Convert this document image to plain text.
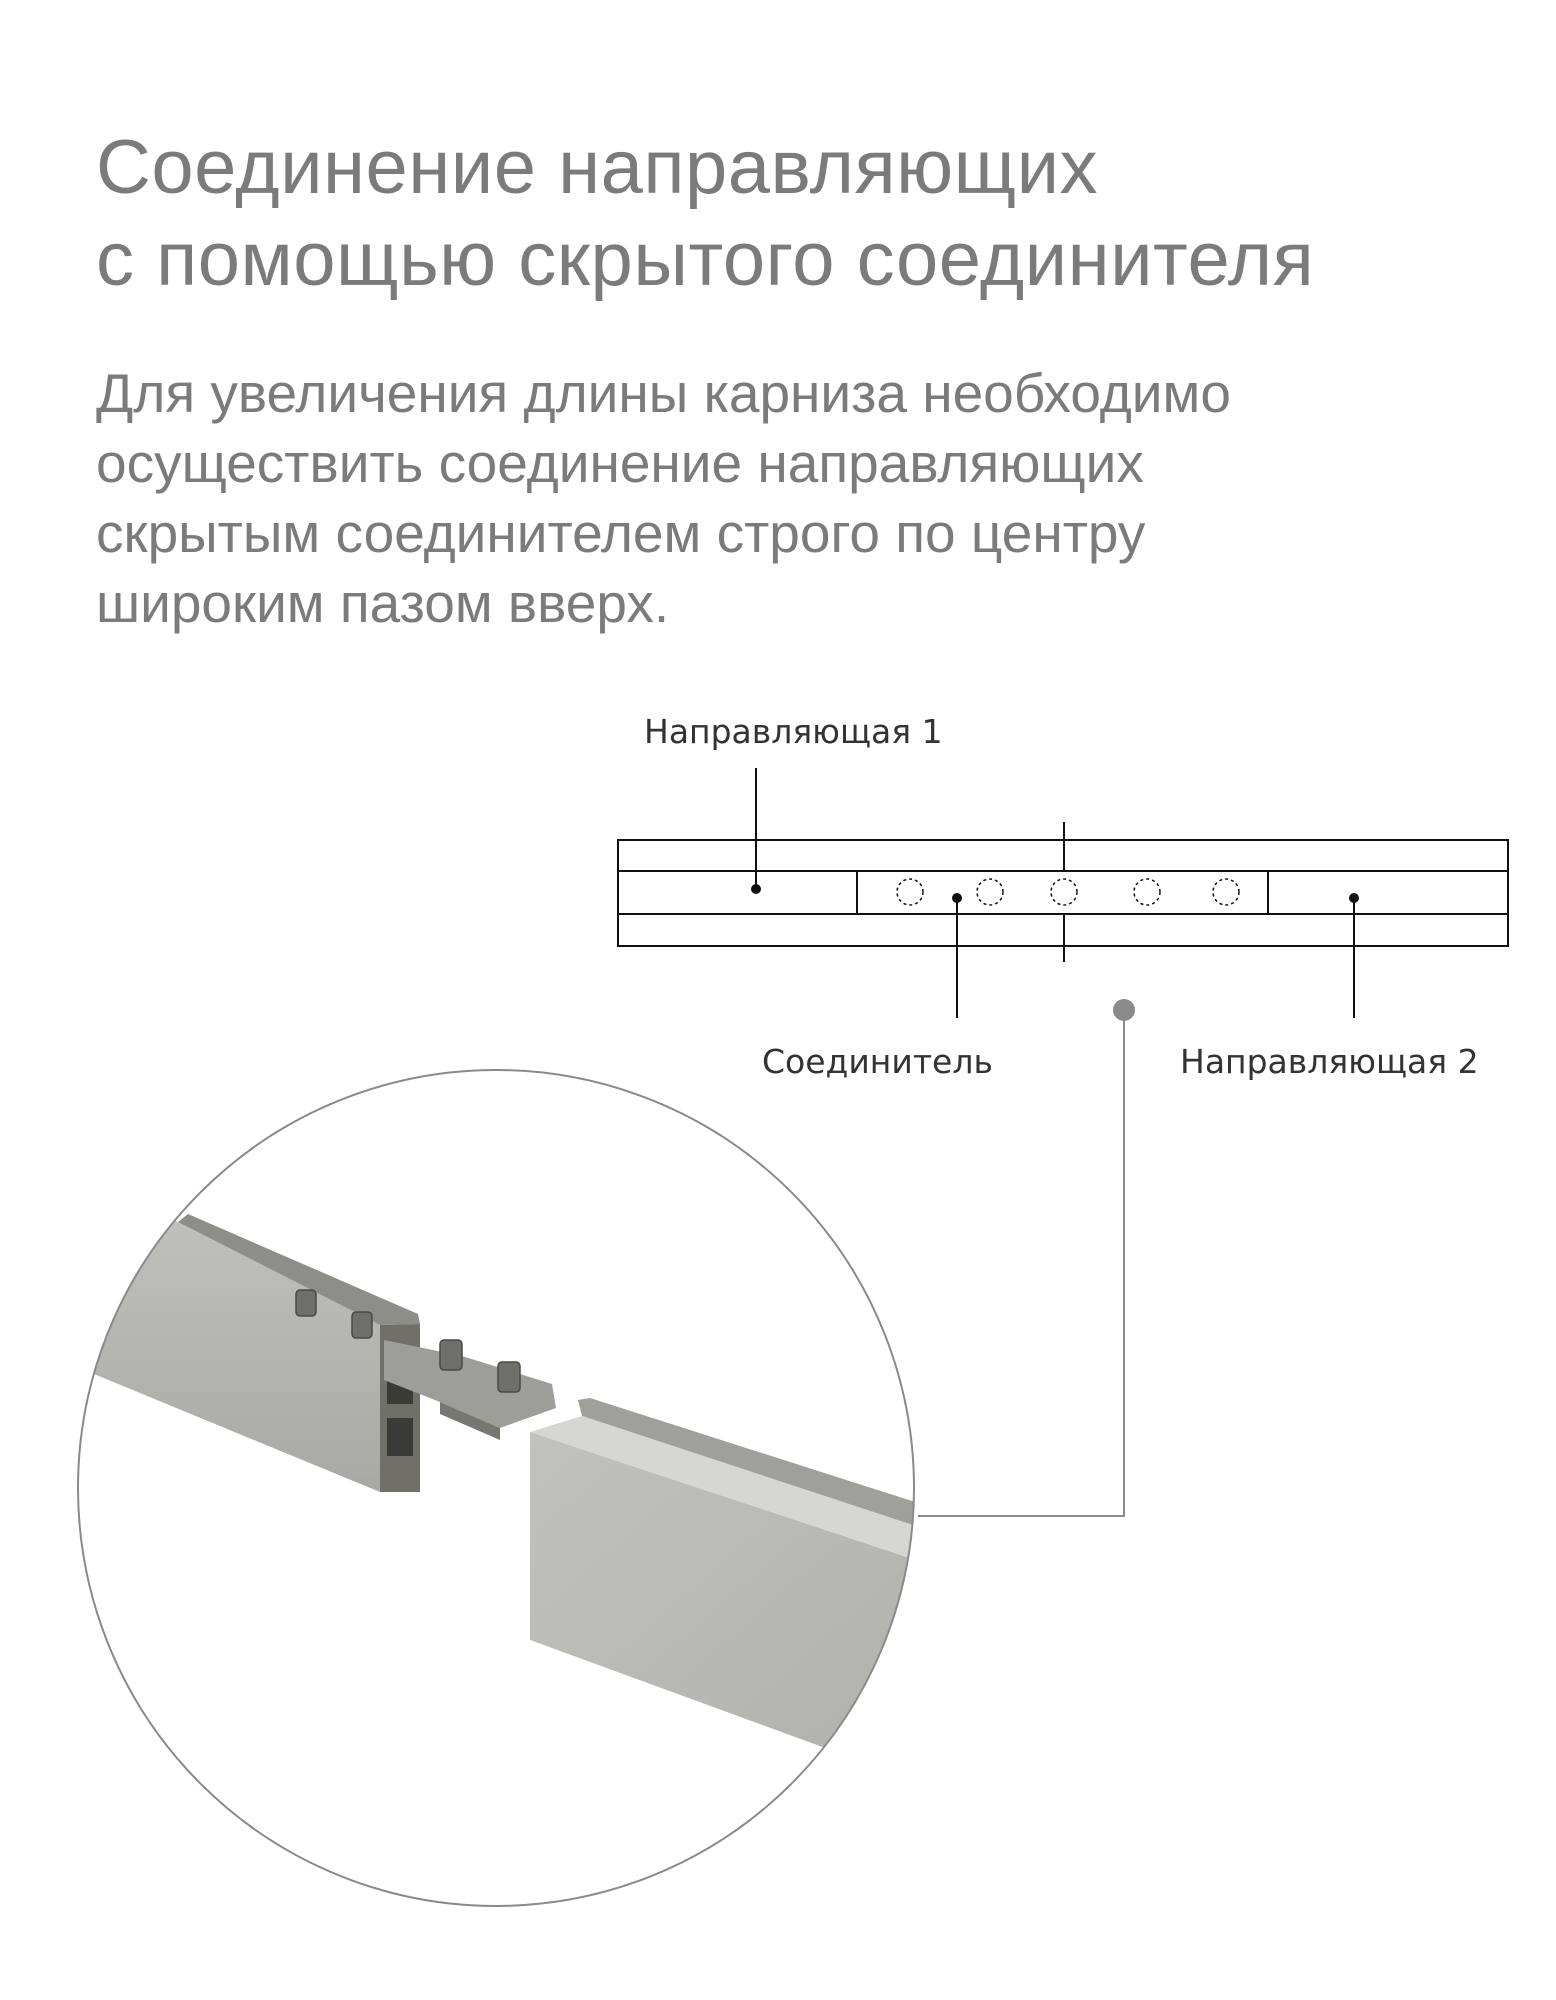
Соединение направляющих
с помощью скрытого соединителя
Для увеличения длины карниза необходимо
осуществить соединение направляющих
скрытым соединителем строго по центру
широким пазом вверх.
Направляющая 1
Соединитель	Направляющая 2
